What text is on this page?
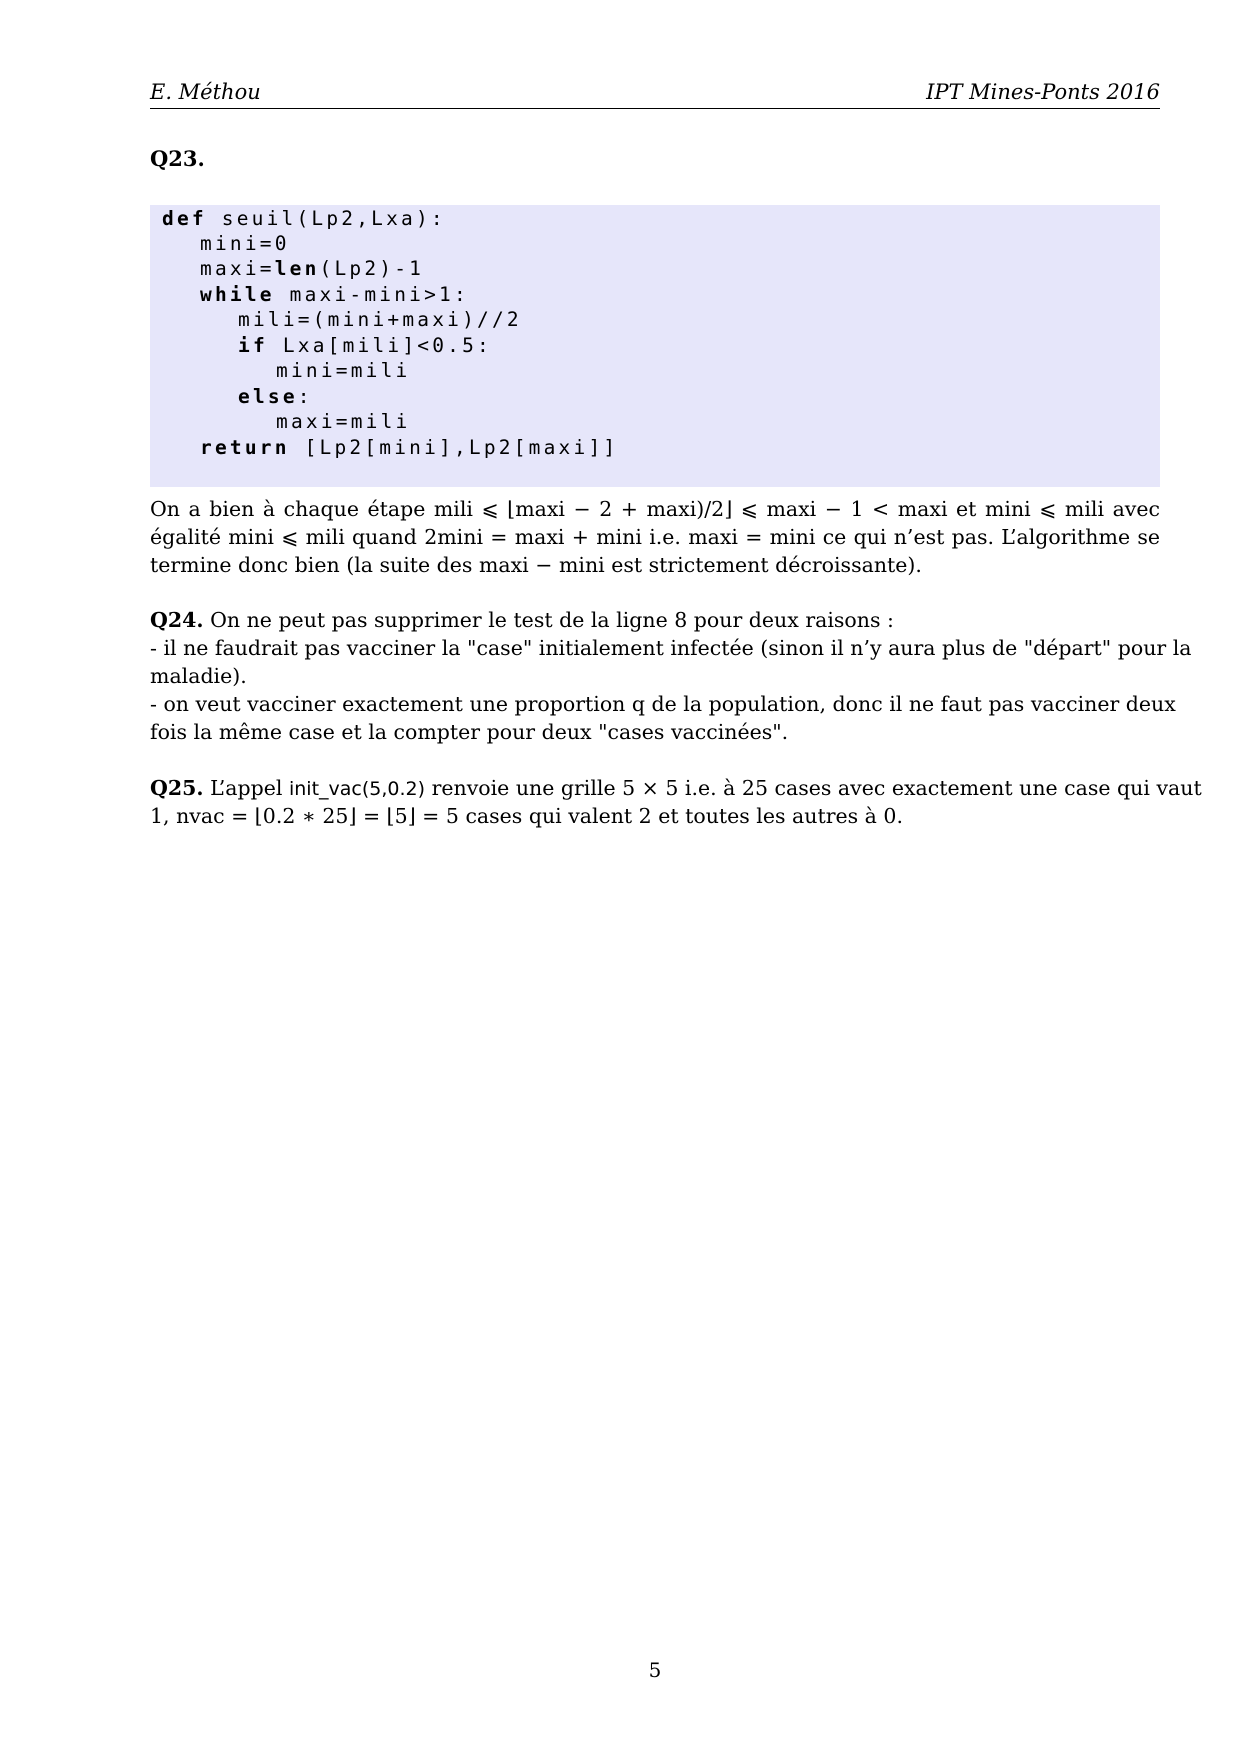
E. Méthou	IPT Mines-Ponts 2016
Q23.
def seuil(Lp2,Lxa):
mini=0
maxi=len(Lp2)-1
while maxi-mini>1:
mili=(mini+maxi)//2
if Lxa[mili]<0.5:
mini=mili
else:
maxi=mili
return [Lp2[mini],Lp2[maxi]]
On a bien à chaque étape mili ⩽ ⌊maxi − 2 + maxi)/2⌋ ⩽ maxi − 1 < maxi et mini ⩽ mili avec
égalité mini ⩽ mili quand 2mini = maxi + mini i.e. maxi = mini ce qui n’est pas. L’algorithme se
termine donc bien (la suite des maxi − mini est strictement décroissante).
Q24. On ne peut pas supprimer le test de la ligne 8 pour deux raisons :
- il ne faudrait pas vacciner la "case" initialement infectée (sinon il n’y aura plus de "départ" pour la
maladie).
- on veut vacciner exactement une proportion q de la population, donc il ne faut pas vacciner deux
fois la même case et la compter pour deux "cases vaccinées".
Q25. L’appel init_vac(5,0.2) renvoie une grille 5 × 5 i.e. à 25 cases avec exactement une case qui vaut
1, nvac = ⌊0.2 ∗ 25⌋ = ⌊5⌋ = 5 cases qui valent 2 et toutes les autres à 0.
5
